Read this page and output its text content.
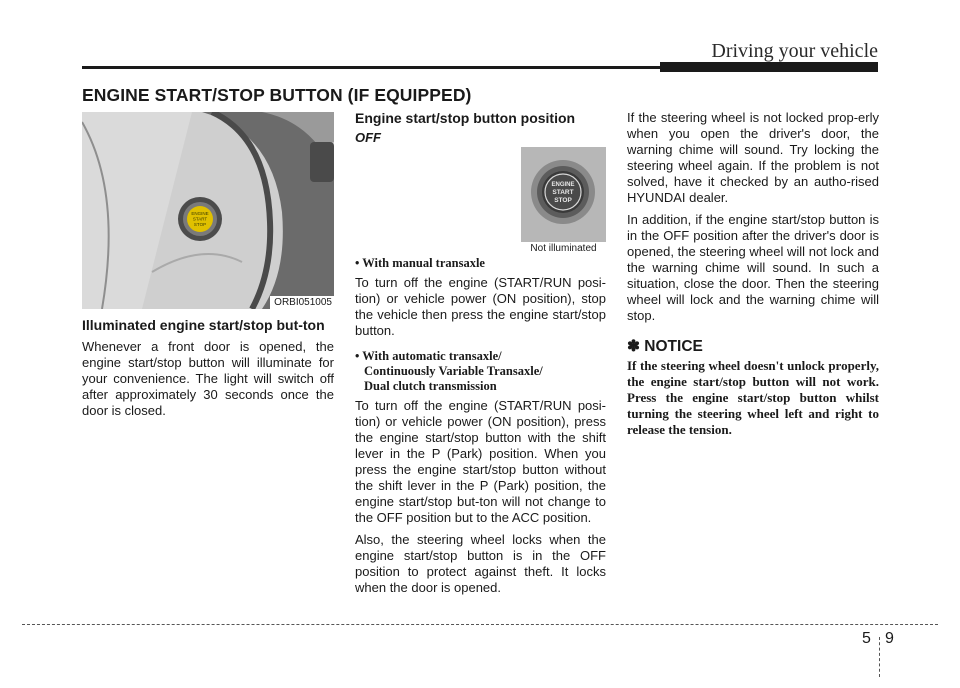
Driving your vehicle
ENGINE START/STOP BUTTON (IF EQUIPPED)
ENGINE
START
STOP
ORBI051005
Illuminated engine start/stop but-ton

Whenever a front door is opened, the engine start/stop button will illuminate for your convenience. The light will switch off after approximately 30 seconds once the door is closed.

Engine start/stop button position
OFF
ENGINE
START
STOP
Not illuminated
• With manual transaxle

To turn off the engine (START/RUN posi-tion) or vehicle power (ON position), stop the vehicle then press the engine start/stop button.

• With automatic transaxle/
Continuously Variable Transaxle/
Dual clutch transmission

To turn off the engine (START/RUN posi-tion) or vehicle power (ON position), press the engine start/stop button with the shift lever in the P (Park) position. When you press the engine start/stop button without the shift lever in the P (Park) position, the engine start/stop but-ton will not change to the OFF position but to the ACC position.

Also, the steering wheel locks when the engine start/stop button is in the OFF position to protect against theft. It locks when the door is opened.

If the steering wheel is not locked prop-erly when you open the driver's door, the warning chime will sound. Try locking the steering wheel again. If the problem is not solved, have it checked by an autho-rised HYUNDAI dealer.

In addition, if the engine start/stop button is in the OFF position after the driver's door is opened, the steering wheel will not lock and the warning chime will sound. In such a situation, close the door. Then the steering wheel will lock and the warning chime will stop.

✽ NOTICE
If the steering wheel doesn't unlock properly, the engine start/stop button will not work. Press the engine start/stop button whilst turning the steering wheel left and right to release the tension.
5 9
